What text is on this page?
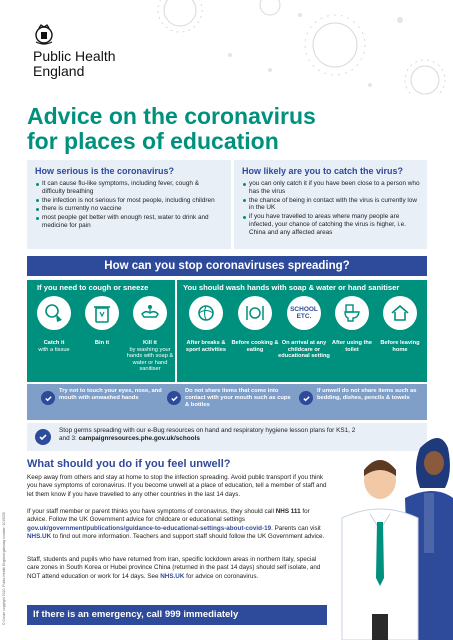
Public Health
England
Advice on the coronavirus
for places of education
How serious is the coronavirus?
It can cause flu-like symptoms, including fever, cough & difficulty breathing
the infection is not serious for most people, including children
there is currently no vaccine
most people get better with enough rest, water to drink and medicine for pain
How likely are you to catch the virus?
you can only catch it if you have been close to a person who has the virus
the chance of being in contact with the virus is currently low in the UK
if you have travelled to areas where many people are infected, your chance of catching the virus is higher, i.e. China and any affected areas
How can you stop coronaviruses spreading?
If you need to cough or sneeze	You should wash hands with soap & water or hand sanitiser
Catch it
with a tissue
Bin it	Kill it
by washing your hands with soap & water or hand sanitiser
After breaks & sport activities
Before cooking & eating
SCHOOL ETC.
On arrival at any childcare or educational setting
After using the toilet
Before leaving home
Try not to touch your eyes, nose, and mouth with unwashed hands
Do not share items that come into contact with your mouth such as cups & bottles
If unwell do not share items such as bedding, dishes, pencils & towels
Stop germs spreading with our e-Bug resources on hand and respiratory hygiene lesson plans for KS1, 2 and 3: campaignresources.phe.gov.uk/schools
What should you do if you feel unwell?
Keep away from others and stay at home to stop the infection spreading. Avoid public transport if you think you have symptoms of coronavirus. If you become unwell at a place of education, tell a member of staff and let them know if you have travelled to any other countries in the last 14 days.
If your staff member or parent thinks you have symptoms of coronavirus, they should call NHS 111 for advice. Follow the UK Government advice for childcare or educational settings gov.uk/government/publications/guidance-to-educational-settings-about-covid-19. Parents can visit NHS.UK to find out more information. Teachers and support staff should follow the UK Government advice.
Staff, students and pupils who have returned from Iran, specific lockdown areas in northern Italy, special care zones in South Korea or Hubei province China (returned in the past 14 days) should self isolate, and NOT attend education or work for 14 days. See NHS.UK for advice on coronavirus.
If there is an emergency, call 999 immediately
© Crown copyright 2020. Public Health England gateway number: 2019235
